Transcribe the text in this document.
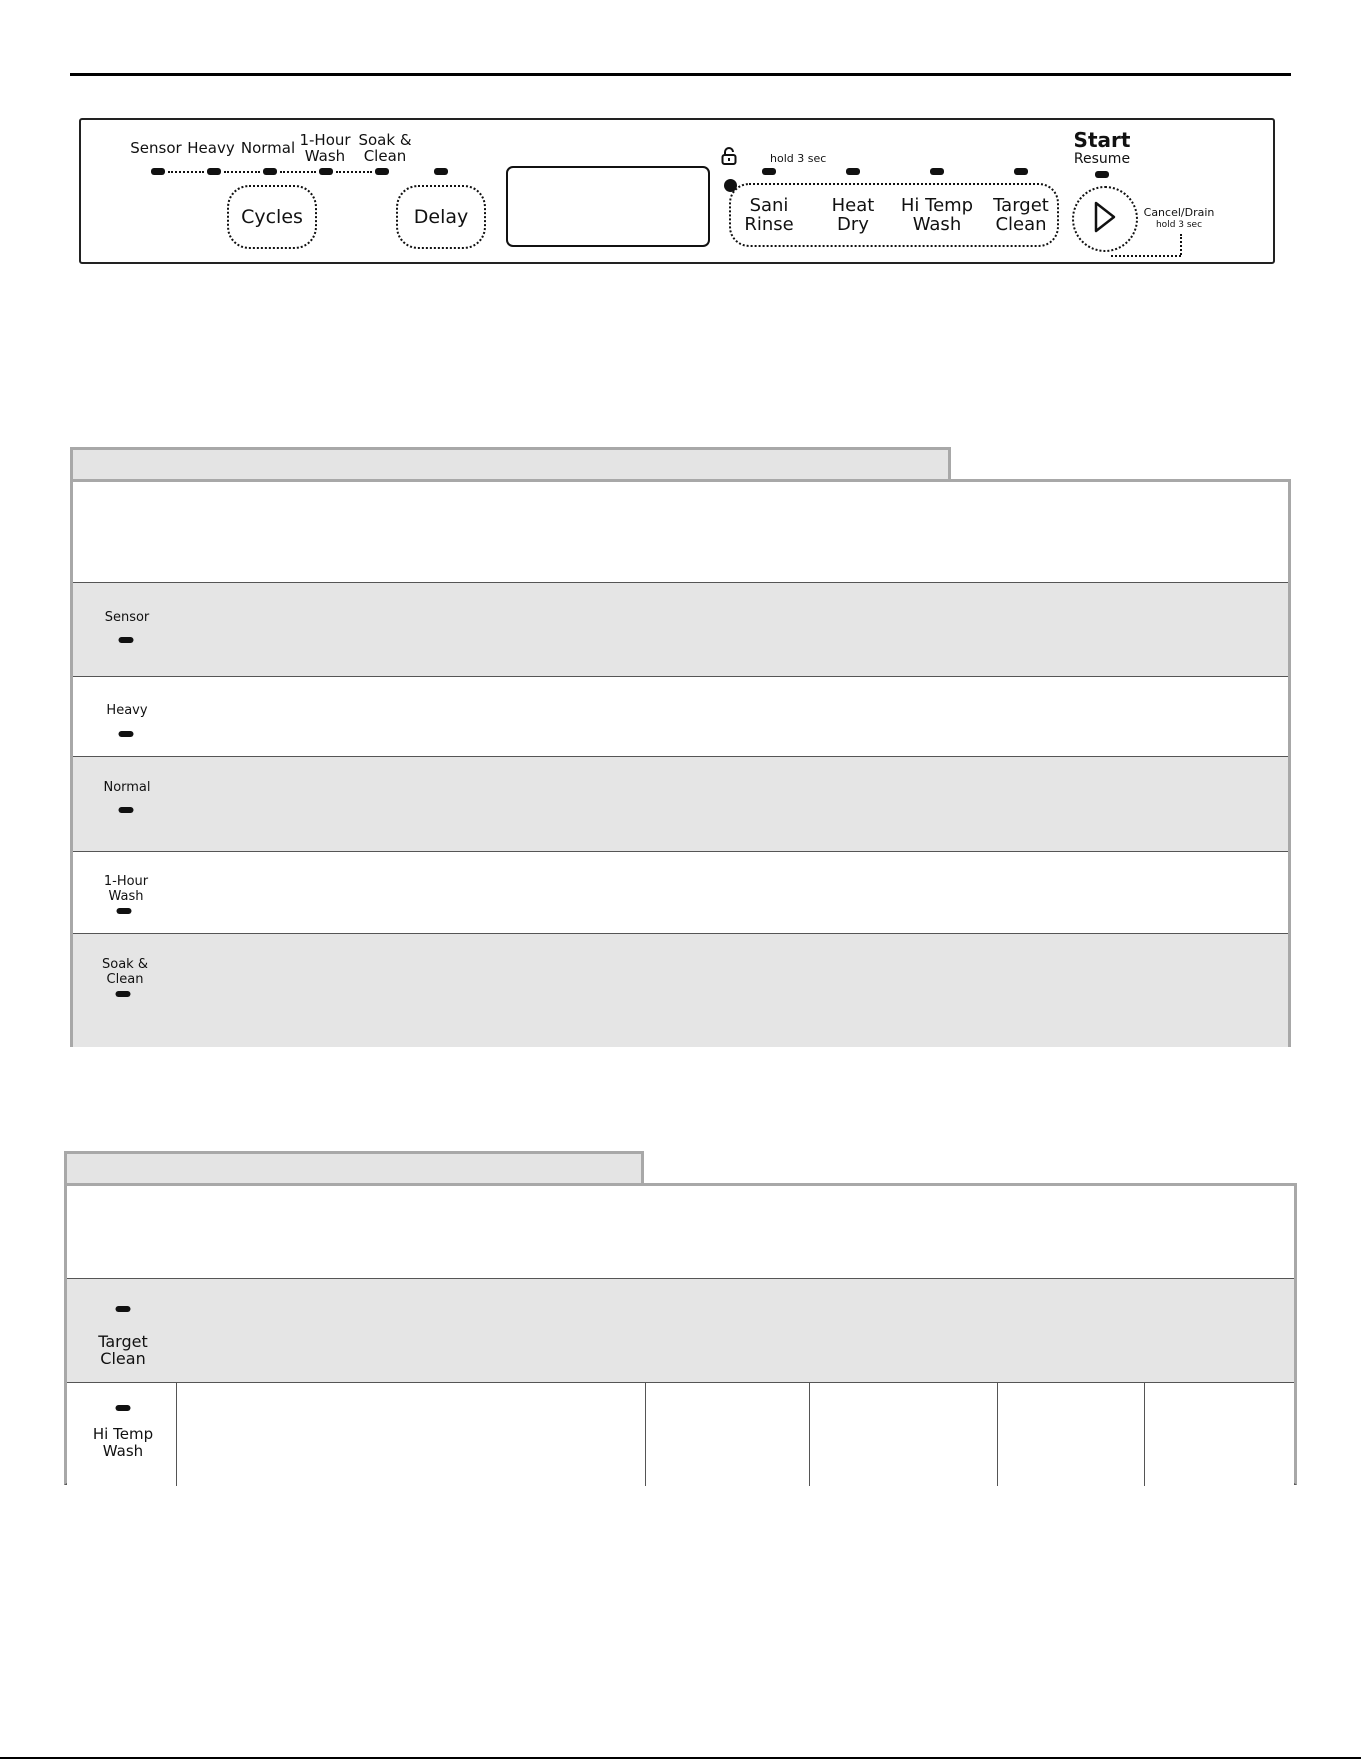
Sensor Heavy Normal 1-Hour
Wash
Soak &
Clean
Cycles	Delay
hold 3 sec
Sani
Rinse
Heat
Dry
Hi Temp
Wash
Target
Clean
Start
Resume
Cancel/Drain
hold 3 sec
Sensor
Heavy
Normal
1-Hour
Wash
Soak &
Clean
Target
Clean
Hi Temp
Wash
